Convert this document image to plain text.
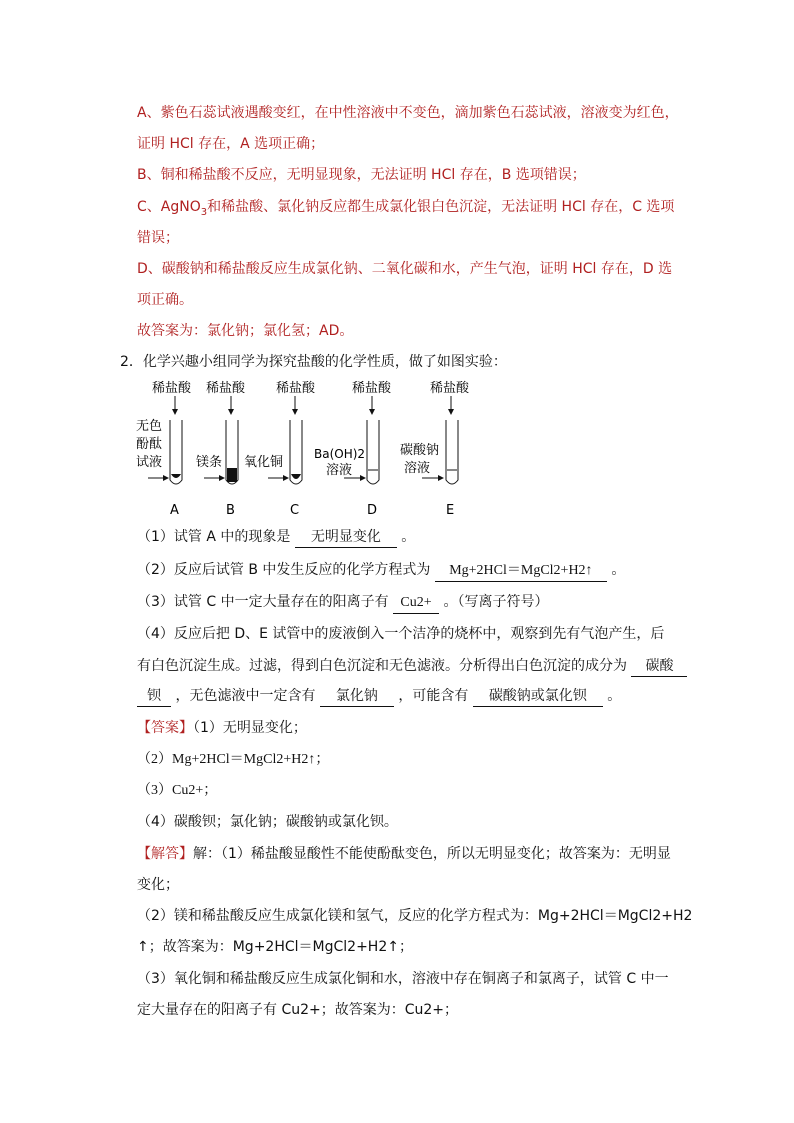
A、紫色石蕊试液遇酸变红，在中性溶液中不变色，滴加紫色石蕊试液，溶液变为红色，
证明 HCl 存在，A 选项正确；
B、铜和稀盐酸不反应，无明显现象，无法证明 HCl 存在，B 选项错误；
C、AgNO$_3$和稀盐酸、氯化钠反应都生成氯化银白色沉淀，无法证明 HCl 存在，C 选项
错误；
D、碳酸钠和稀盐酸反应生成氯化钠、二氧化碳和水，产生气泡，证明 HCl 存在，D 选
项正确。
故答案为：氯化钠；氯化氢；AD。
2．化学兴趣小组同学为探究盐酸的化学性质，做了如图实验：
稀盐酸
无色
酚酞
试液
A
稀盐酸
镁条
B
稀盐酸
氧化铜
C
稀盐酸
Ba(OH)2
溶液
D
稀盐酸
碳酸钠
溶液
E
（1）试管 A 中的现象是 无明显变化 。
（2）反应后试管 B 中发生反应的化学方程式为 Mg+2HCl＝MgCl2+H2↑ 。
（3）试管 C 中一定大量存在的阳离子有 Cu2+ 。（写离子符号）
（4）反应后把 D、E 试管中的废液倒入一个洁净的烧杯中，观察到先有气泡产生，后
有白色沉淀生成。过滤，得到白色沉淀和无色滤液。分析得出白色沉淀的成分为 碳酸
钡 ，无色滤液中一定含有 氯化钠 ，可能含有 碳酸钠或氯化钡 。
【答案】（1）无明显变化；
（2）Mg+2HCl＝MgCl2+H2↑；
（3）Cu2+；
（4）碳酸钡；氯化钠；碳酸钠或氯化钡。
【解答】解：（1）稀盐酸显酸性不能使酚酞变色，所以无明显变化；故答案为：无明显
变化；
（2）镁和稀盐酸反应生成氯化镁和氢气，反应的化学方程式为：Mg+2HCl＝MgCl2+H2
↑；故答案为：Mg+2HCl＝MgCl2+H2↑；
（3）氧化铜和稀盐酸反应生成氯化铜和水，溶液中存在铜离子和氯离子，试管 C 中一
定大量存在的阳离子有 Cu2+；故答案为：Cu2+；
